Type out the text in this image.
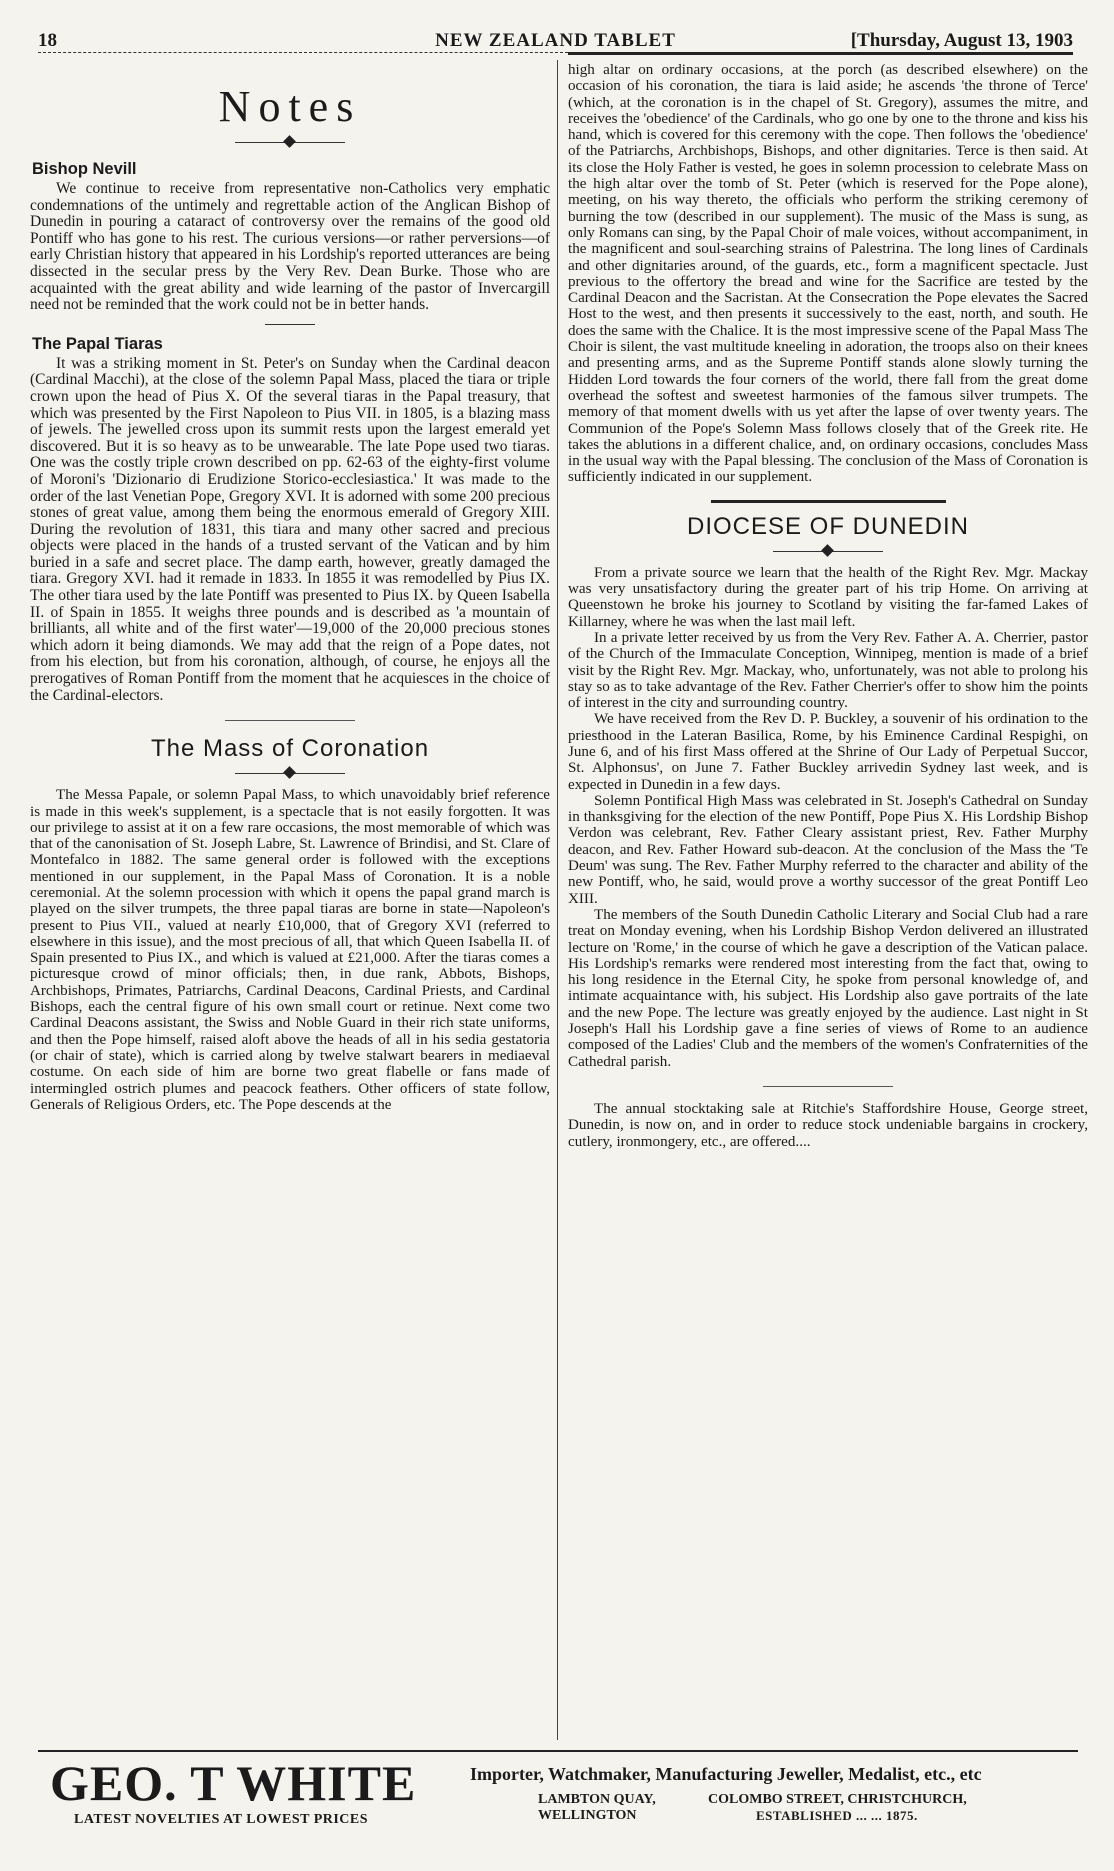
18	NEW ZEALAND TABLET	[Thursday, August 13, 1903
Notes
Bishop Nevill

We continue to receive from representative non-Catholics very emphatic condemnations of the untimely and regrettable action of the Anglican Bishop of Dunedin in pouring a cataract of controversy over the remains of the good old Pontiff who has gone to his rest. The curious versions—or rather perversions—of early Christian history that appeared in his Lordship's reported utterances are being dissected in the secular press by the Very Rev. Dean Burke. Those who are acquainted with the great ability and wide learning of the pastor of Invercargill need not be reminded that the work could not be in better hands.

The Papal Tiaras

It was a striking moment in St. Peter's on Sunday when the Cardinal deacon (Cardinal Macchi), at the close of the solemn Papal Mass, placed the tiara or triple crown upon the head of Pius X. Of the several tiaras in the Papal treasury, that which was presented by the First Napoleon to Pius VII. in 1805, is a blazing mass of jewels. The jewelled cross upon its summit rests upon the largest emerald yet discovered. But it is so heavy as to be unwearable. The late Pope used two tiaras. One was the costly triple crown described on pp. 62-63 of the eighty-first volume of Moroni's 'Dizionario di Erudizione Storico-ecclesiastica.' It was made to the order of the last Venetian Pope, Gregory XVI. It is adorned with some 200 precious stones of great value, among them being the enormous emerald of Gregory XIII. During the revolution of 1831, this tiara and many other sacred and precious objects were placed in the hands of a trusted servant of the Vatican and by him buried in a safe and secret place. The damp earth, however, greatly damaged the tiara. Gregory XVI. had it remade in 1833. In 1855 it was remodelled by Pius IX. The other tiara used by the late Pontiff was presented to Pius IX. by Queen Isabella II. of Spain in 1855. It weighs three pounds and is described as 'a mountain of brilliants, all white and of the first water'—19,000 of the 20,000 precious stones which adorn it being diamonds. We may add that the reign of a Pope dates, not from his election, but from his coronation, although, of course, he enjoys all the prerogatives of Roman Pontiff from the moment that he acquiesces in the choice of the Cardinal-electors.

The Mass of Coronation

The Messa Papale, or solemn Papal Mass, to which unavoidably brief reference is made in this week's supplement, is a spectacle that is not easily forgotten. It was our privilege to assist at it on a few rare occasions, the most memorable of which was that of the canonisation of St. Joseph Labre, St. Lawrence of Brindisi, and St. Clare of Montefalco in 1882. The same general order is followed with the exceptions mentioned in our supplement, in the Papal Mass of Coronation. It is a noble ceremonial. At the solemn procession with which it opens the papal grand march is played on the silver trumpets, the three papal tiaras are borne in state—Napoleon's present to Pius VII., valued at nearly £10,000, that of Gregory XVI (referred to elsewhere in this issue), and the most precious of all, that which Queen Isabella II. of Spain presented to Pius IX., and which is valued at £21,000. After the tiaras comes a picturesque crowd of minor officials; then, in due rank, Abbots, Bishops, Archbishops, Primates, Patriarchs, Cardinal Deacons, Cardinal Priests, and Cardinal Bishops, each the central figure of his own small court or retinue. Next come two Cardinal Deacons assistant, the Swiss and Noble Guard in their rich state uniforms, and then the Pope himself, raised aloft above the heads of all in his sedia gestatoria (or chair of state), which is carried along by twelve stalwart bearers in mediaeval costume. On each side of him are borne two great flabelle or fans made of intermingled ostrich plumes and peacock feathers. Other officers of state follow, Generals of Religious Orders, etc. The Pope descends at the

high altar on ordinary occasions, at the porch (as described elsewhere) on the occasion of his coronation, the tiara is laid aside; he ascends 'the throne of Terce' (which, at the coronation is in the chapel of St. Gregory), assumes the mitre, and receives the 'obedience' of the Cardinals, who go one by one to the throne and kiss his hand, which is covered for this ceremony with the cope. Then follows the 'obedience' of the Patriarchs, Archbishops, Bishops, and other dignitaries. Terce is then said. At its close the Holy Father is vested, he goes in solemn procession to celebrate Mass on the high altar over the tomb of St. Peter (which is reserved for the Pope alone), meeting, on his way thereto, the officials who perform the striking ceremony of burning the tow (described in our supplement). The music of the Mass is sung, as only Romans can sing, by the Papal Choir of male voices, without accompaniment, in the magnificent and soul-searching strains of Palestrina. The long lines of Cardinals and other dignitaries around, of the guards, etc., form a magnificent spectacle. Just previous to the offertory the bread and wine for the Sacrifice are tested by the Cardinal Deacon and the Sacristan. At the Consecration the Pope elevates the Sacred Host to the west, and then presents it successively to the east, north, and south. He does the same with the Chalice. It is the most impressive scene of the Papal Mass The Choir is silent, the vast multitude kneeling in adoration, the troops also on their knees and presenting arms, and as the Supreme Pontiff stands alone slowly turning the Hidden Lord towards the four corners of the world, there fall from the great dome overhead the softest and sweetest harmonies of the famous silver trumpets. The memory of that moment dwells with us yet after the lapse of over twenty years. The Communion of the Pope's Solemn Mass follows closely that of the Greek rite. He takes the ablutions in a different chalice, and, on ordinary occasions, concludes Mass in the usual way with the Papal blessing. The conclusion of the Mass of Coronation is sufficiently indicated in our supplement.

DIOCESE OF DUNEDIN

From a private source we learn that the health of the Right Rev. Mgr. Mackay was very unsatisfactory during the greater part of his trip Home. On arriving at Queenstown he broke his journey to Scotland by visiting the far-famed Lakes of Killarney, where he was when the last mail left.

In a private letter received by us from the Very Rev. Father A. A. Cherrier, pastor of the Church of the Immaculate Conception, Winnipeg, mention is made of a brief visit by the Right Rev. Mgr. Mackay, who, unfortunately, was not able to prolong his stay so as to take advantage of the Rev. Father Cherrier's offer to show him the points of interest in the city and surrounding country.

We have received from the Rev D. P. Buckley, a souvenir of his ordination to the priesthood in the Lateran Basilica, Rome, by his Eminence Cardinal Respighi, on June 6, and of his first Mass offered at the Shrine of Our Lady of Perpetual Succor, St. Alphonsus', on June 7. Father Buckley arrivedin Sydney last week, and is expected in Dunedin in a few days.

Solemn Pontifical High Mass was celebrated in St. Joseph's Cathedral on Sunday in thanksgiving for the election of the new Pontiff, Pope Pius X. His Lordship Bishop Verdon was celebrant, Rev. Father Cleary assistant priest, Rev. Father Murphy deacon, and Rev. Father Howard sub-deacon. At the conclusion of the Mass the 'Te Deum' was sung. The Rev. Father Murphy referred to the character and ability of the new Pontiff, who, he said, would prove a worthy successor of the great Pontiff Leo XIII.

The members of the South Dunedin Catholic Literary and Social Club had a rare treat on Monday evening, when his Lordship Bishop Verdon delivered an illustrated lecture on 'Rome,' in the course of which he gave a description of the Vatican palace. His Lordship's remarks were rendered most interesting from the fact that, owing to his long residence in the Eternal City, he spoke from personal knowledge of, and intimate acquaintance with, his subject. His Lordship also gave portraits of the late and the new Pope. The lecture was greatly enjoyed by the audience. Last night in St Joseph's Hall his Lordship gave a fine series of views of Rome to an audience composed of the Ladies' Club and the members of the women's Confraternities of the Cathedral parish.

The annual stocktaking sale at Ritchie's Staffordshire House, George street, Dunedin, is now on, and in order to reduce stock undeniable bargains in crockery, cutlery, ironmongery, etc., are offered....

GEO. T WHITE
LATEST NOVELTIES AT LOWEST PRICES
Importer, Watchmaker, Manufacturing Jeweller, Medalist, etc., etc
LAMBTON QUAY,
WELLINGTON
COLOMBO STREET, CHRISTCHURCH,
ESTABLISHED ... ... 1875.
